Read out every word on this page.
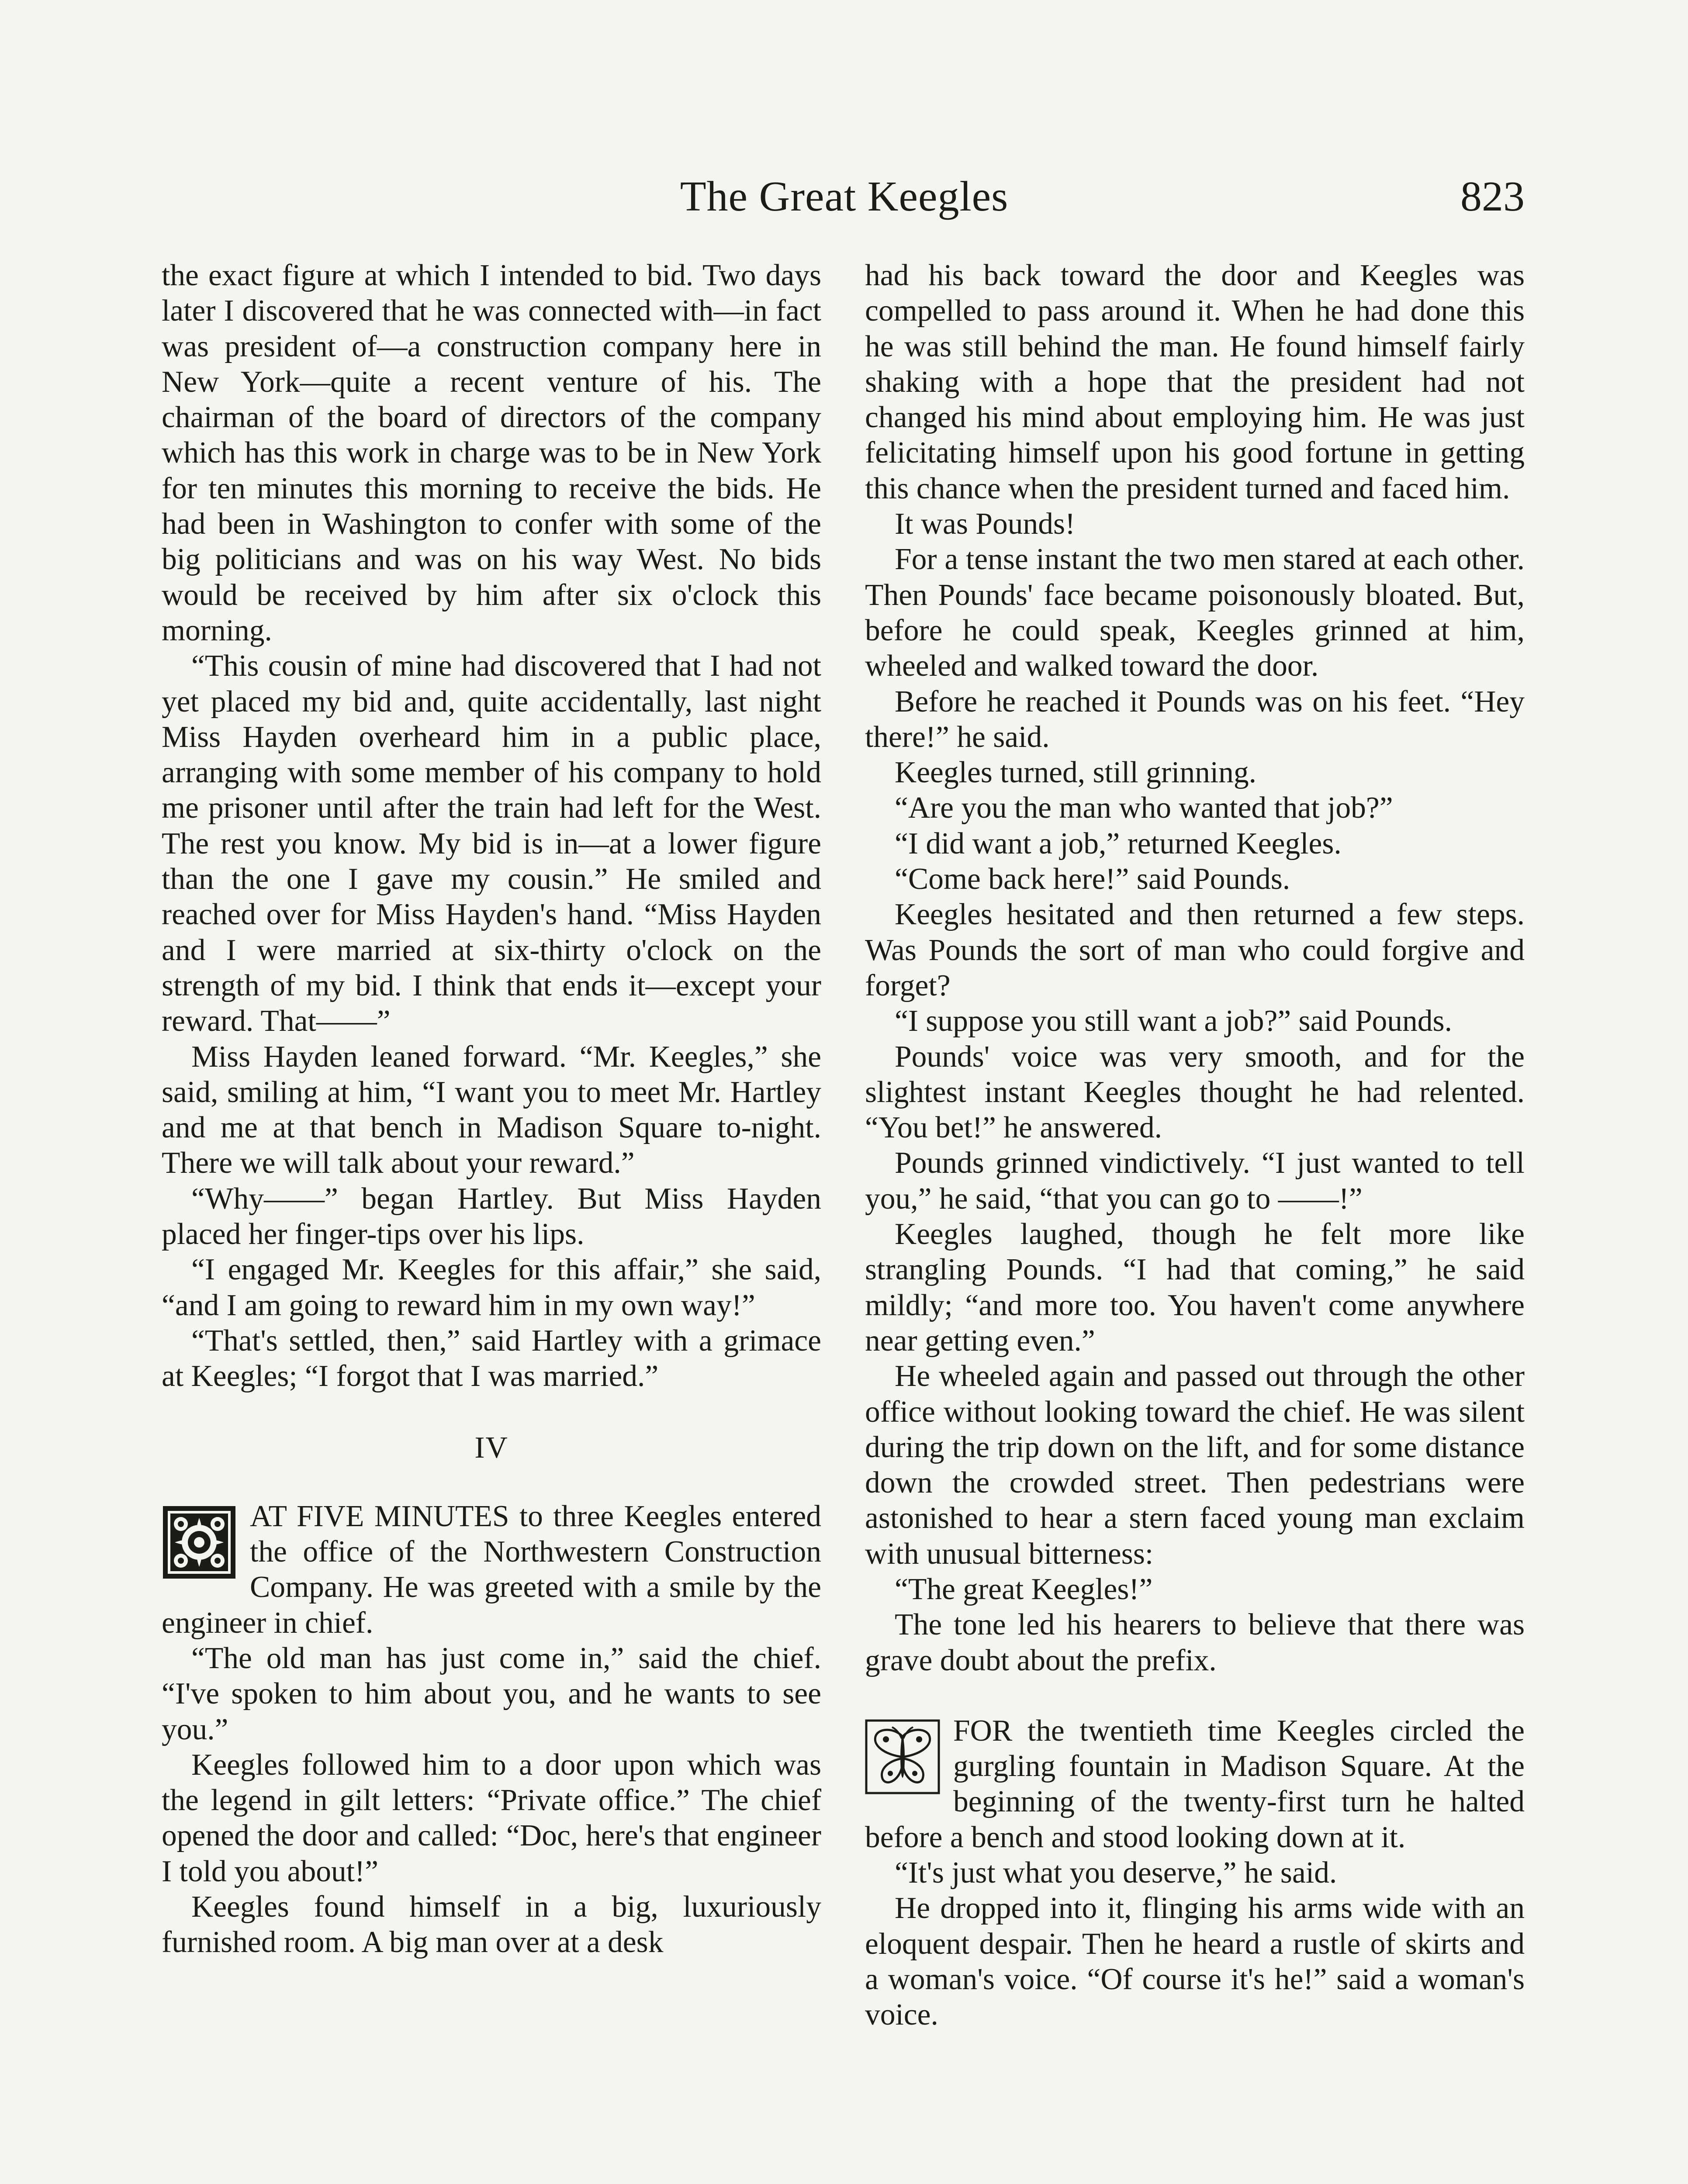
The Great Keegles	823

the exact figure at which I intended to bid. Two days later I discovered that he was connected with—in fact was president of—a construction company here in New York—quite a recent venture of his. The chairman of the board of directors of the company which has this work in charge was to be in New York for ten minutes this morning to receive the bids. He had been in Washington to confer with some of the big politicians and was on his way West. No bids would be received by him after six o'clock this morning.

“This cousin of mine had discovered that I had not yet placed my bid and, quite accidentally, last night Miss Hayden overheard him in a public place, arranging with some member of his company to hold me prisoner until after the train had left for the West. The rest you know. My bid is in—at a lower figure than the one I gave my cousin.” He smiled and reached over for Miss Hayden's hand. “Miss Hayden and I were married at six-thirty o'clock on the strength of my bid. I think that ends it—except your reward. That——”

Miss Hayden leaned forward. “Mr. Keegles,” she said, smiling at him, “I want you to meet Mr. Hartley and me at that bench in Madison Square to-night. There we will talk about your reward.”

“Why——” began Hartley. But Miss Hayden placed her finger-tips over his lips.

“I engaged Mr. Keegles for this affair,” she said, “and I am going to reward him in my own way!”

“That's settled, then,” said Hartley with a grimace at Keegles; “I forgot that I was married.”

IV

AT FIVE MINUTES to three Keegles entered the office of the Northwestern Construction Company. He was greeted with a smile by the engineer in chief.

“The old man has just come in,” said the chief. “I've spoken to him about you, and he wants to see you.”

Keegles followed him to a door upon which was the legend in gilt letters: “Private office.” The chief opened the door and called: “Doc, here's that engineer I told you about!”

Keegles found himself in a big, luxuriously furnished room. A big man over at a desk

had his back toward the door and Keegles was compelled to pass around it. When he had done this he was still behind the man. He found himself fairly shaking with a hope that the president had not changed his mind about employing him. He was just felicitating himself upon his good fortune in getting this chance when the president turned and faced him.

It was Pounds!

For a tense instant the two men stared at each other. Then Pounds' face became poisonously bloated. But, before he could speak, Keegles grinned at him, wheeled and walked toward the door.

Before he reached it Pounds was on his feet. “Hey there!” he said.

Keegles turned, still grinning.

“Are you the man who wanted that job?”

“I did want a job,” returned Keegles.

“Come back here!” said Pounds.

Keegles hesitated and then returned a few steps. Was Pounds the sort of man who could forgive and forget?

“I suppose you still want a job?” said Pounds.

Pounds' voice was very smooth, and for the slightest instant Keegles thought he had relented. “You bet!” he answered.

Pounds grinned vindictively. “I just wanted to tell you,” he said, “that you can go to ——!”

Keegles laughed, though he felt more like strangling Pounds. “I had that coming,” he said mildly; “and more too. You haven't come anywhere near getting even.”

He wheeled again and passed out through the other office without looking toward the chief. He was silent during the trip down on the lift, and for some distance down the crowded street. Then pedestrians were astonished to hear a stern faced young man exclaim with unusual bitterness:

“The great Keegles!”

The tone led his hearers to believe that there was grave doubt about the prefix.

FOR the twentieth time Keegles circled the gurgling fountain in Madison Square. At the beginning of the twenty-first turn he halted before a bench and stood looking down at it.

“It's just what you deserve,” he said.

He dropped into it, flinging his arms wide with an eloquent despair. Then he heard a rustle of skirts and a woman's voice. “Of course it's he!” said a woman's voice.
